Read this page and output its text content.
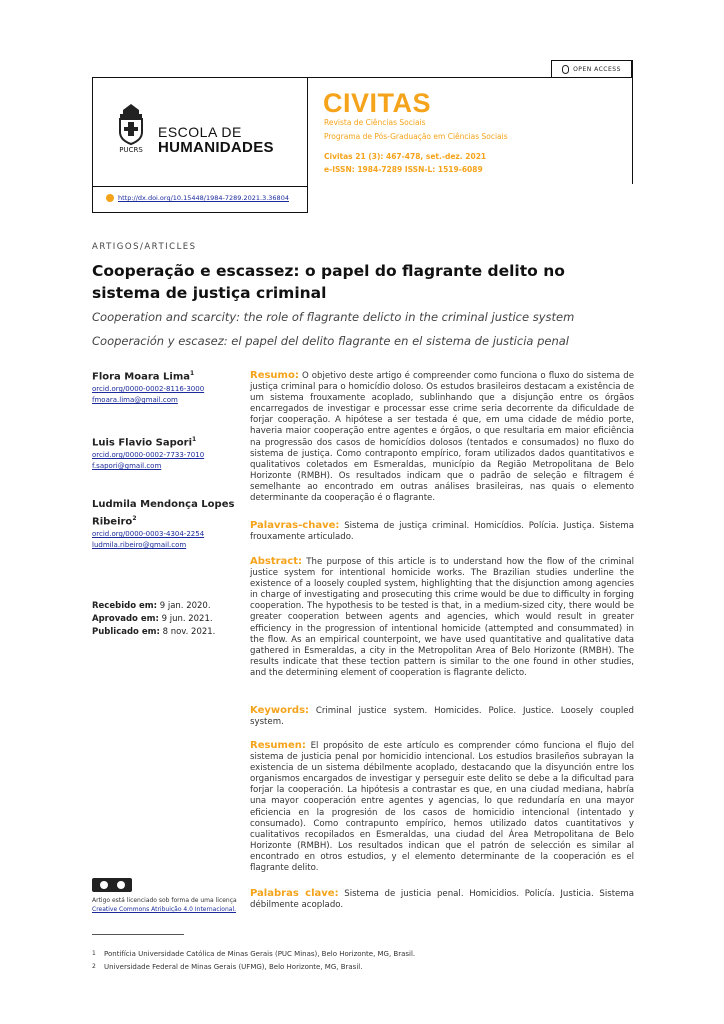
OPEN ACCESS
PUCRS
ESCOLA DE
HUMANIDADES
CIVITAS
Revista de Ciências Sociais
Programa de Pós-Graduação em Ciências Sociais
Civitas 21 (3): 467-478, set.-dez. 2021
e-ISSN: 1984-7289 ISSN-L: 1519-6089
http://dx.doi.org/10.15448/1984-7289.2021.3.36804
ARTIGOS/ARTICLES
Cooperação e escassez: o papel do flagrante delito no sistema de justiça criminal
Cooperation and scarcity: the role of flagrante delicto in the criminal justice system
Cooperación y escasez: el papel del delito flagrante en el sistema de justicia penal
Flora Moara Lima$^1$
orcid.org/0000-0002-8116-3000
fmoara.lima@gmail.com
Luis Flavio Sapori$^1$
orcid.org/0000-0002-7733-7010
f.sapori@gmail.com
Ludmila Mendonça Lopes Ribeiro$^2$
orcid.org/0000-0003-4304-2254
ludmila.ribeiro@gmail.com
Recebido em: 9 jan. 2020.
Aprovado em: 9 jun. 2021.
Publicado em: 8 nov. 2021.
Artigo está licenciado sob forma de uma licença
Creative Commons Atribuição 4.0 Internacional.
Resumo: O objetivo deste artigo é compreender como funciona o fluxo do sistema de justiça criminal para o homicídio doloso. Os estudos brasileiros destacam a existência de um sistema frouxamente acoplado, sublinhando que a disjunção entre os órgãos encarregados de investigar e processar esse crime seria decorrente da dificuldade de forjar cooperação. A hipótese a ser testada é que, em uma cidade de médio porte, haveria maior cooperação entre agentes e órgãos, o que resultaria em maior eficiência na progressão dos casos de homicídios dolosos (tentados e consumados) no fluxo do sistema de justiça. Como contraponto empírico, foram utilizados dados quantitativos e qualitativos coletados em Esmeraldas, município da Região Metropolitana de Belo Horizonte (RMBH). Os resultados indicam que o padrão de seleção e filtragem é semelhante ao encontrado em outras análises brasileiras, nas quais o elemento determinante da cooperação é o flagrante.
Palavras-chave: Sistema de justiça criminal. Homicídios. Polícia. Justiça. Sistema frouxamente articulado.
Abstract: The purpose of this article is to understand how the flow of the criminal justice system for intentional homicide works. The Brazilian studies underline the existence of a loosely coupled system, highlighting that the disjunction among agencies in charge of investigating and prosecuting this crime would be due to difficulty in forging cooperation. The hypothesis to be tested is that, in a medium-sized city, there would be greater cooperation between agents and agencies, which would result in greater efficiency in the progression of intentional homicide (attempted and consummated) in the flow. As an empirical counterpoint, we have used quantitative and qualitative data gathered in Esmeraldas, a city in the Metropolitan Area of Belo Horizonte (RMBH). The results indicate that these tection pattern is similar to the one found in other studies, and the determining element of cooperation is flagrante delicto.
Keywords: Criminal justice system. Homicides. Police. Justice. Loosely coupled system.
Resumen: El propósito de este artículo es comprender cómo funciona el flujo del sistema de justicia penal por homicidio intencional. Los estudios brasileños subrayan la existencia de un sistema débilmente acoplado, destacando que la disyunción entre los organismos encargados de investigar y perseguir este delito se debe a la dificultad para forjar la cooperación. La hipótesis a contrastar es que, en una ciudad mediana, habría una mayor cooperación entre agentes y agencias, lo que redundaría en una mayor eficiencia en la progresión de los casos de homicidio intencional (intentado y consumado). Como contrapunto empírico, hemos utilizado datos cuantitativos y cualitativos recopilados en Esmeraldas, una ciudad del Área Metropolitana de Belo Horizonte (RMBH). Los resultados indican que el patrón de selección es similar al encontrado en otros estudios, y el elemento determinante de la cooperación es el flagrante delito.
Palabras clave: Sistema de justicia penal. Homicidios. Policía. Justicia. Sistema débilmente acoplado.
1	Pontifícia Universidade Católica de Minas Gerais (PUC Minas), Belo Horizonte, MG, Brasil.
2	Universidade Federal de Minas Gerais (UFMG), Belo Horizonte, MG, Brasil.
